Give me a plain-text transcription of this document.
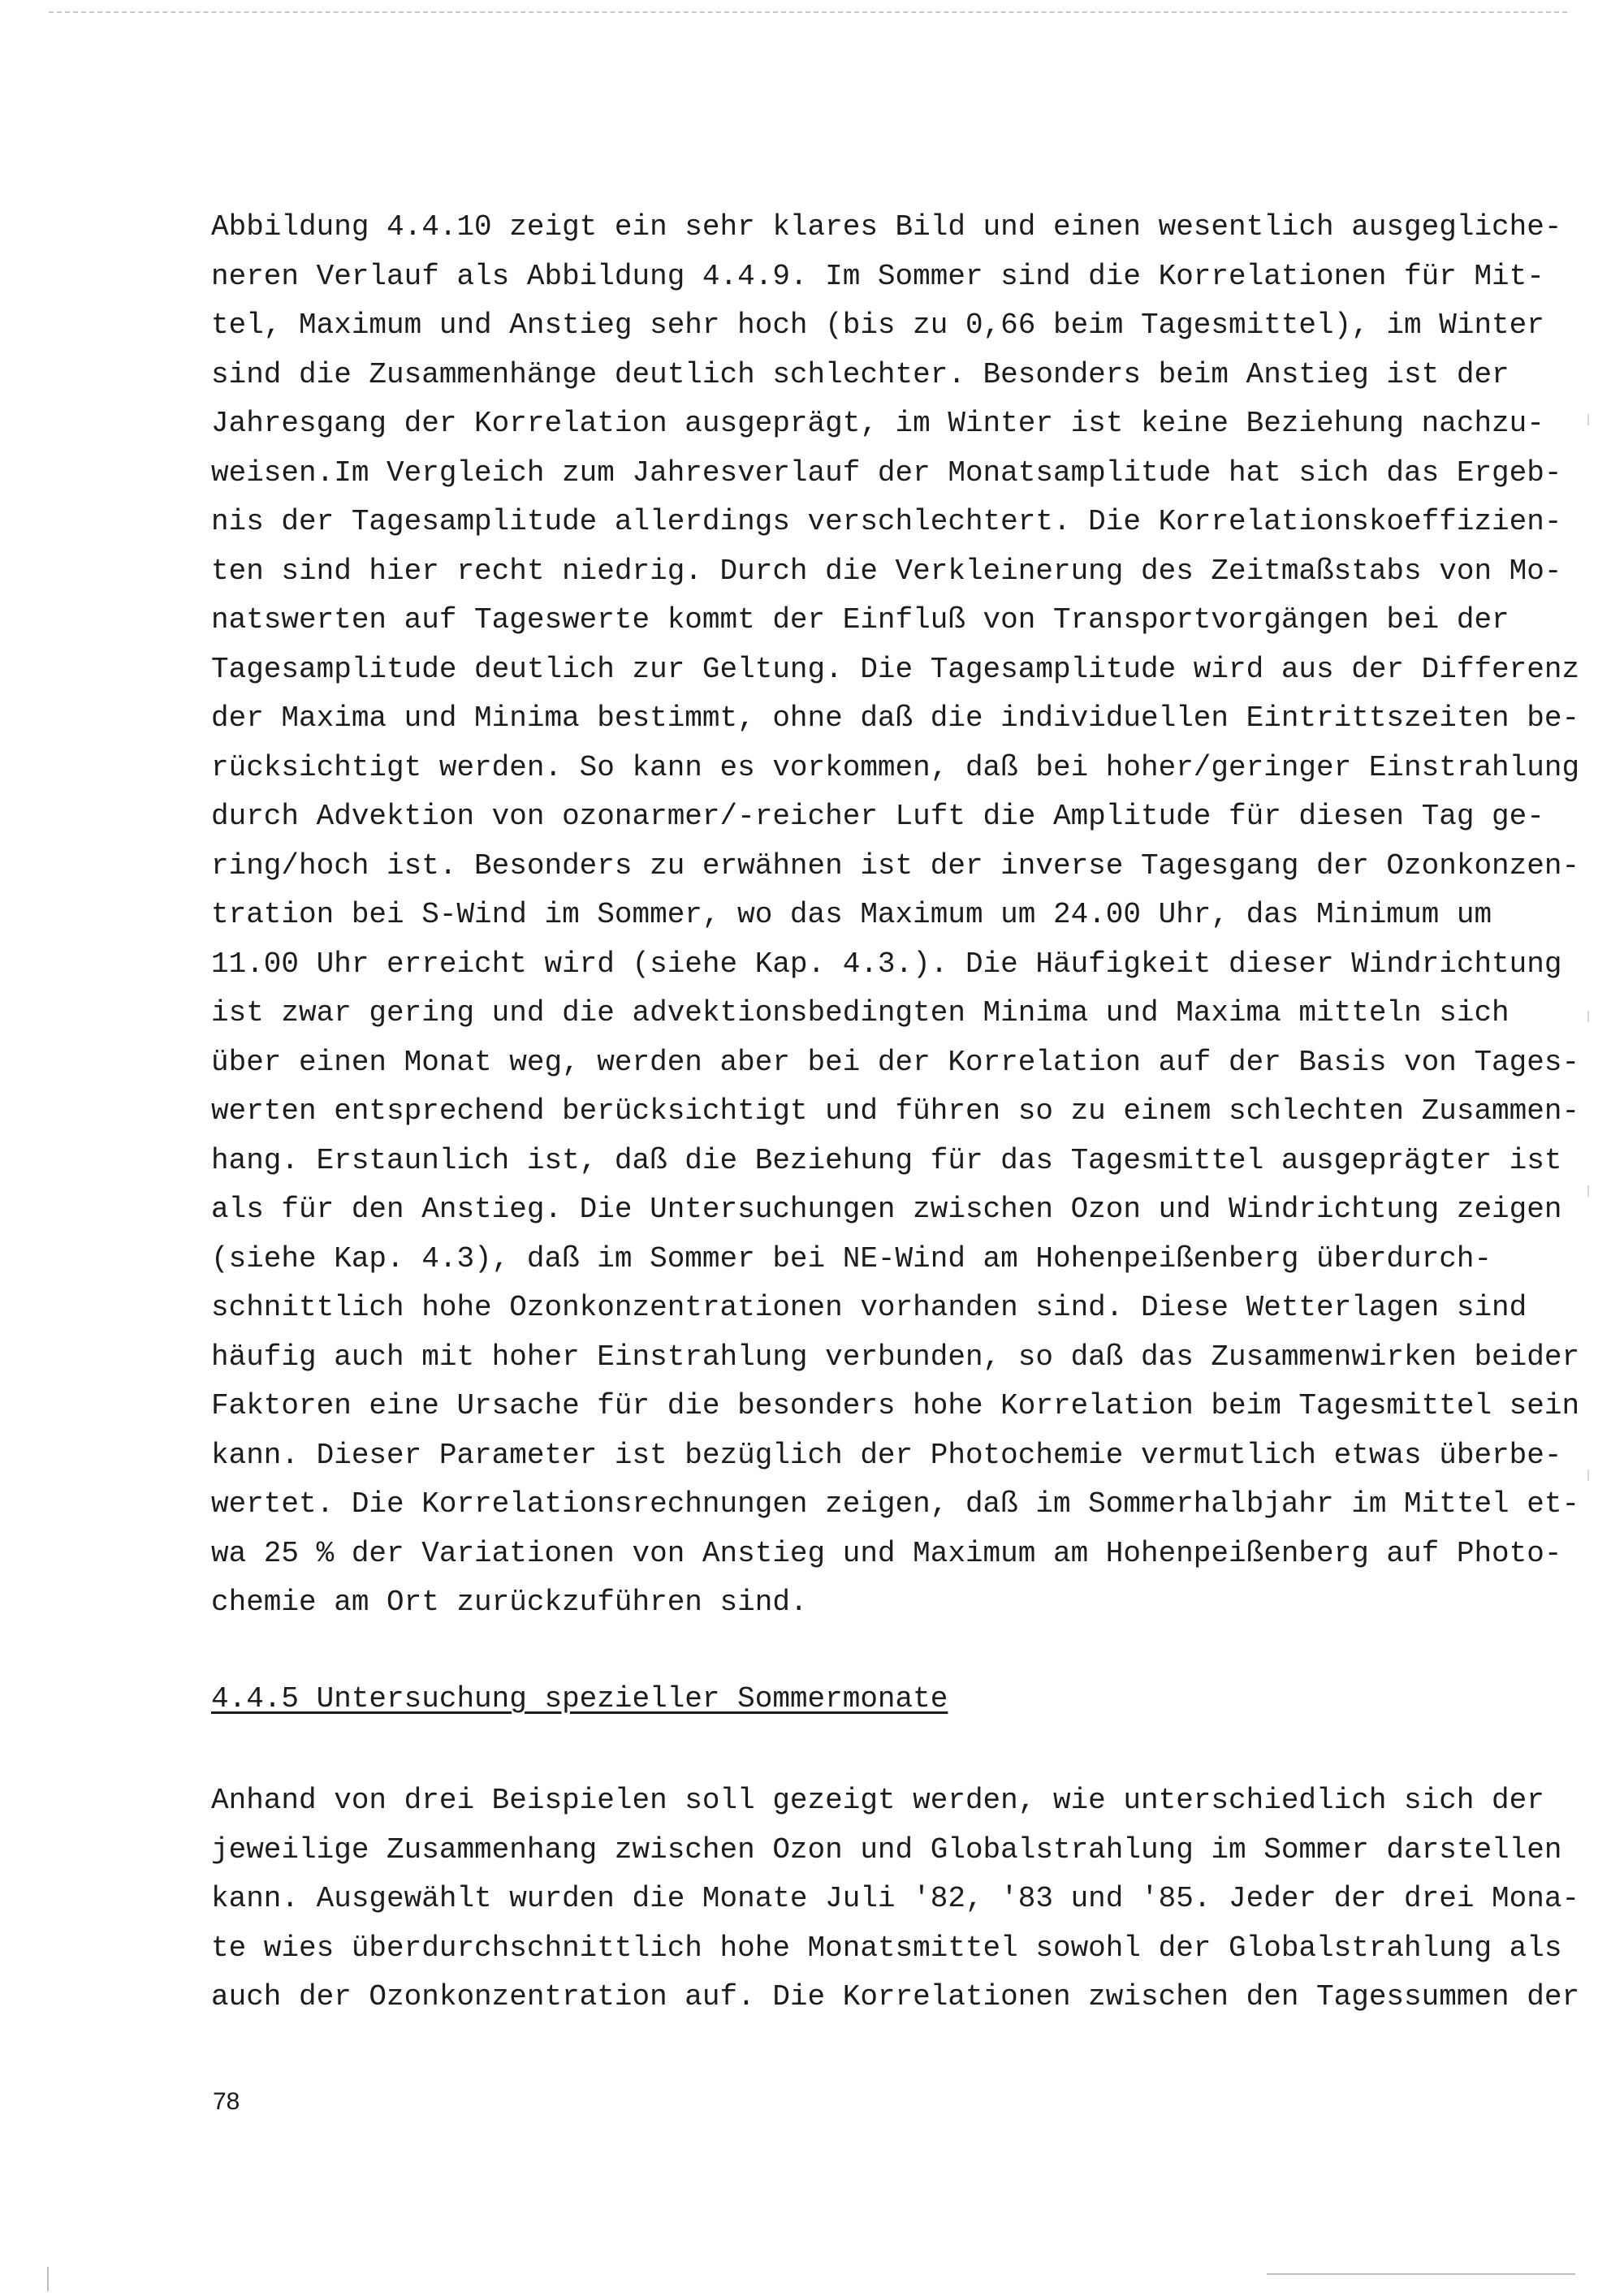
Abbildung 4.4.10 zeigt ein sehr klares Bild und einen wesentlich ausgegliche-
neren Verlauf als Abbildung 4.4.9. Im Sommer sind die Korrelationen für Mit-
tel, Maximum und Anstieg sehr hoch (bis zu 0,66 beim Tagesmittel), im Winter
sind die Zusammenhänge deutlich schlechter. Besonders beim Anstieg ist der
Jahresgang der Korrelation ausgeprägt, im Winter ist keine Beziehung nachzu-
weisen.Im Vergleich zum Jahresverlauf der Monatsamplitude hat sich das Ergeb-
nis der Tagesamplitude allerdings verschlechtert. Die Korrelationskoeffizien-
ten sind hier recht niedrig. Durch die Verkleinerung des Zeitmaßstabs von Mo-
natswerten auf Tageswerte kommt der Einfluß von Transportvorgängen bei der
Tagesamplitude deutlich zur Geltung. Die Tagesamplitude wird aus der Differenz
der Maxima und Minima bestimmt, ohne daß die individuellen Eintrittszeiten be-
rücksichtigt werden. So kann es vorkommen, daß bei hoher/geringer Einstrahlung
durch Advektion von ozonarmer/-reicher Luft die Amplitude für diesen Tag ge-
ring/hoch ist. Besonders zu erwähnen ist der inverse Tagesgang der Ozonkonzen-
tration bei S-Wind im Sommer, wo das Maximum um 24.00 Uhr, das Minimum um
11.00 Uhr erreicht wird (siehe Kap. 4.3.). Die Häufigkeit dieser Windrichtung
ist zwar gering und die advektionsbedingten Minima und Maxima mitteln sich
über einen Monat weg, werden aber bei der Korrelation auf der Basis von Tages-
werten entsprechend berücksichtigt und führen so zu einem schlechten Zusammen-
hang. Erstaunlich ist, daß die Beziehung für das Tagesmittel ausgeprägter ist
als für den Anstieg. Die Untersuchungen zwischen Ozon und Windrichtung zeigen
(siehe Kap. 4.3), daß im Sommer bei NE-Wind am Hohenpeißenberg überdurch-
schnittlich hohe Ozonkonzentrationen vorhanden sind. Diese Wetterlagen sind
häufig auch mit hoher Einstrahlung verbunden, so daß das Zusammenwirken beider
Faktoren eine Ursache für die besonders hohe Korrelation beim Tagesmittel sein
kann. Dieser Parameter ist bezüglich der Photochemie vermutlich etwas überbe-
wertet. Die Korrelationsrechnungen zeigen, daß im Sommerhalbjahr im Mittel et-
wa 25 % der Variationen von Anstieg und Maximum am Hohenpeißenberg auf Photo-
chemie am Ort zurückzuführen sind.

4.4.5 Untersuchung spezieller Sommermonate

Anhand von drei Beispielen soll gezeigt werden, wie unterschiedlich sich der
jeweilige Zusammenhang zwischen Ozon und Globalstrahlung im Sommer darstellen
kann. Ausgewählt wurden die Monate Juli '82, '83 und '85. Jeder der drei Mona-
te wies überdurchschnittlich hohe Monatsmittel sowohl der Globalstrahlung als
auch der Ozonkonzentration auf. Die Korrelationen zwischen den Tagessummen der

78
